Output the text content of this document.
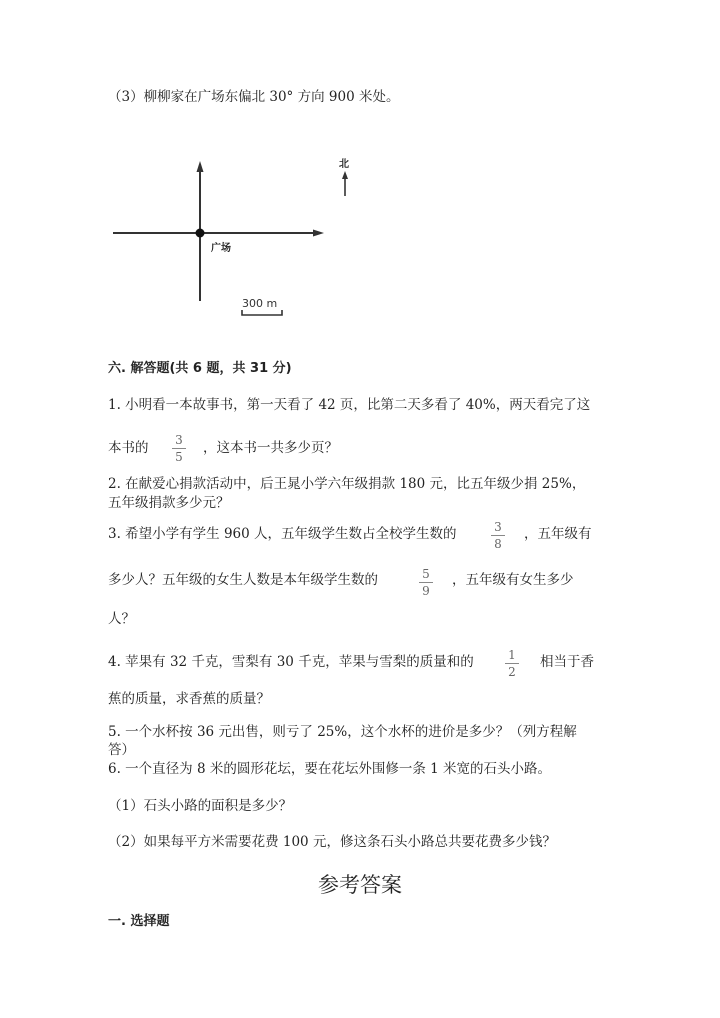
（3）柳柳家在广场东偏北 30° 方向 900 米处。
广场
北
300 m
六. 解答题(共 6 题，共 31 分)
1. 小明看一本故事书，第一天看了 42 页，比第二天多看了 40%，两天看完了这
本书的 $\frac{3}{5}$ ，这本书一共多少页？
2. 在献爱心捐款活动中，后王晁小学六年级捐款 180 元，比五年级少捐 25%，
五年级捐款多少元？
3. 希望小学有学生 960 人，五年级学生数占全校学生数的	$\frac{3}{8}$ ，五年级有
多少人？五年级的女生人数是本年级学生数的	$\frac{5}{9}$ ，五年级有女生多少
人？
4. 苹果有 32 千克，雪梨有 30 千克，苹果与雪梨的质量和的	$\frac{1}{2}$ 相当于香
蕉的质量，求香蕉的质量？
5. 一个水杯按 36 元出售，则亏了 25%，这个水杯的进价是多少？（列方程解
答）
6. 一个直径为 8 米的圆形花坛，要在花坛外围修一条 1 米宽的石头小路。
（1）石头小路的面积是多少？
（2）如果每平方米需要花费 100 元，修这条石头小路总共要花费多少钱？
参考答案
一. 选择题
